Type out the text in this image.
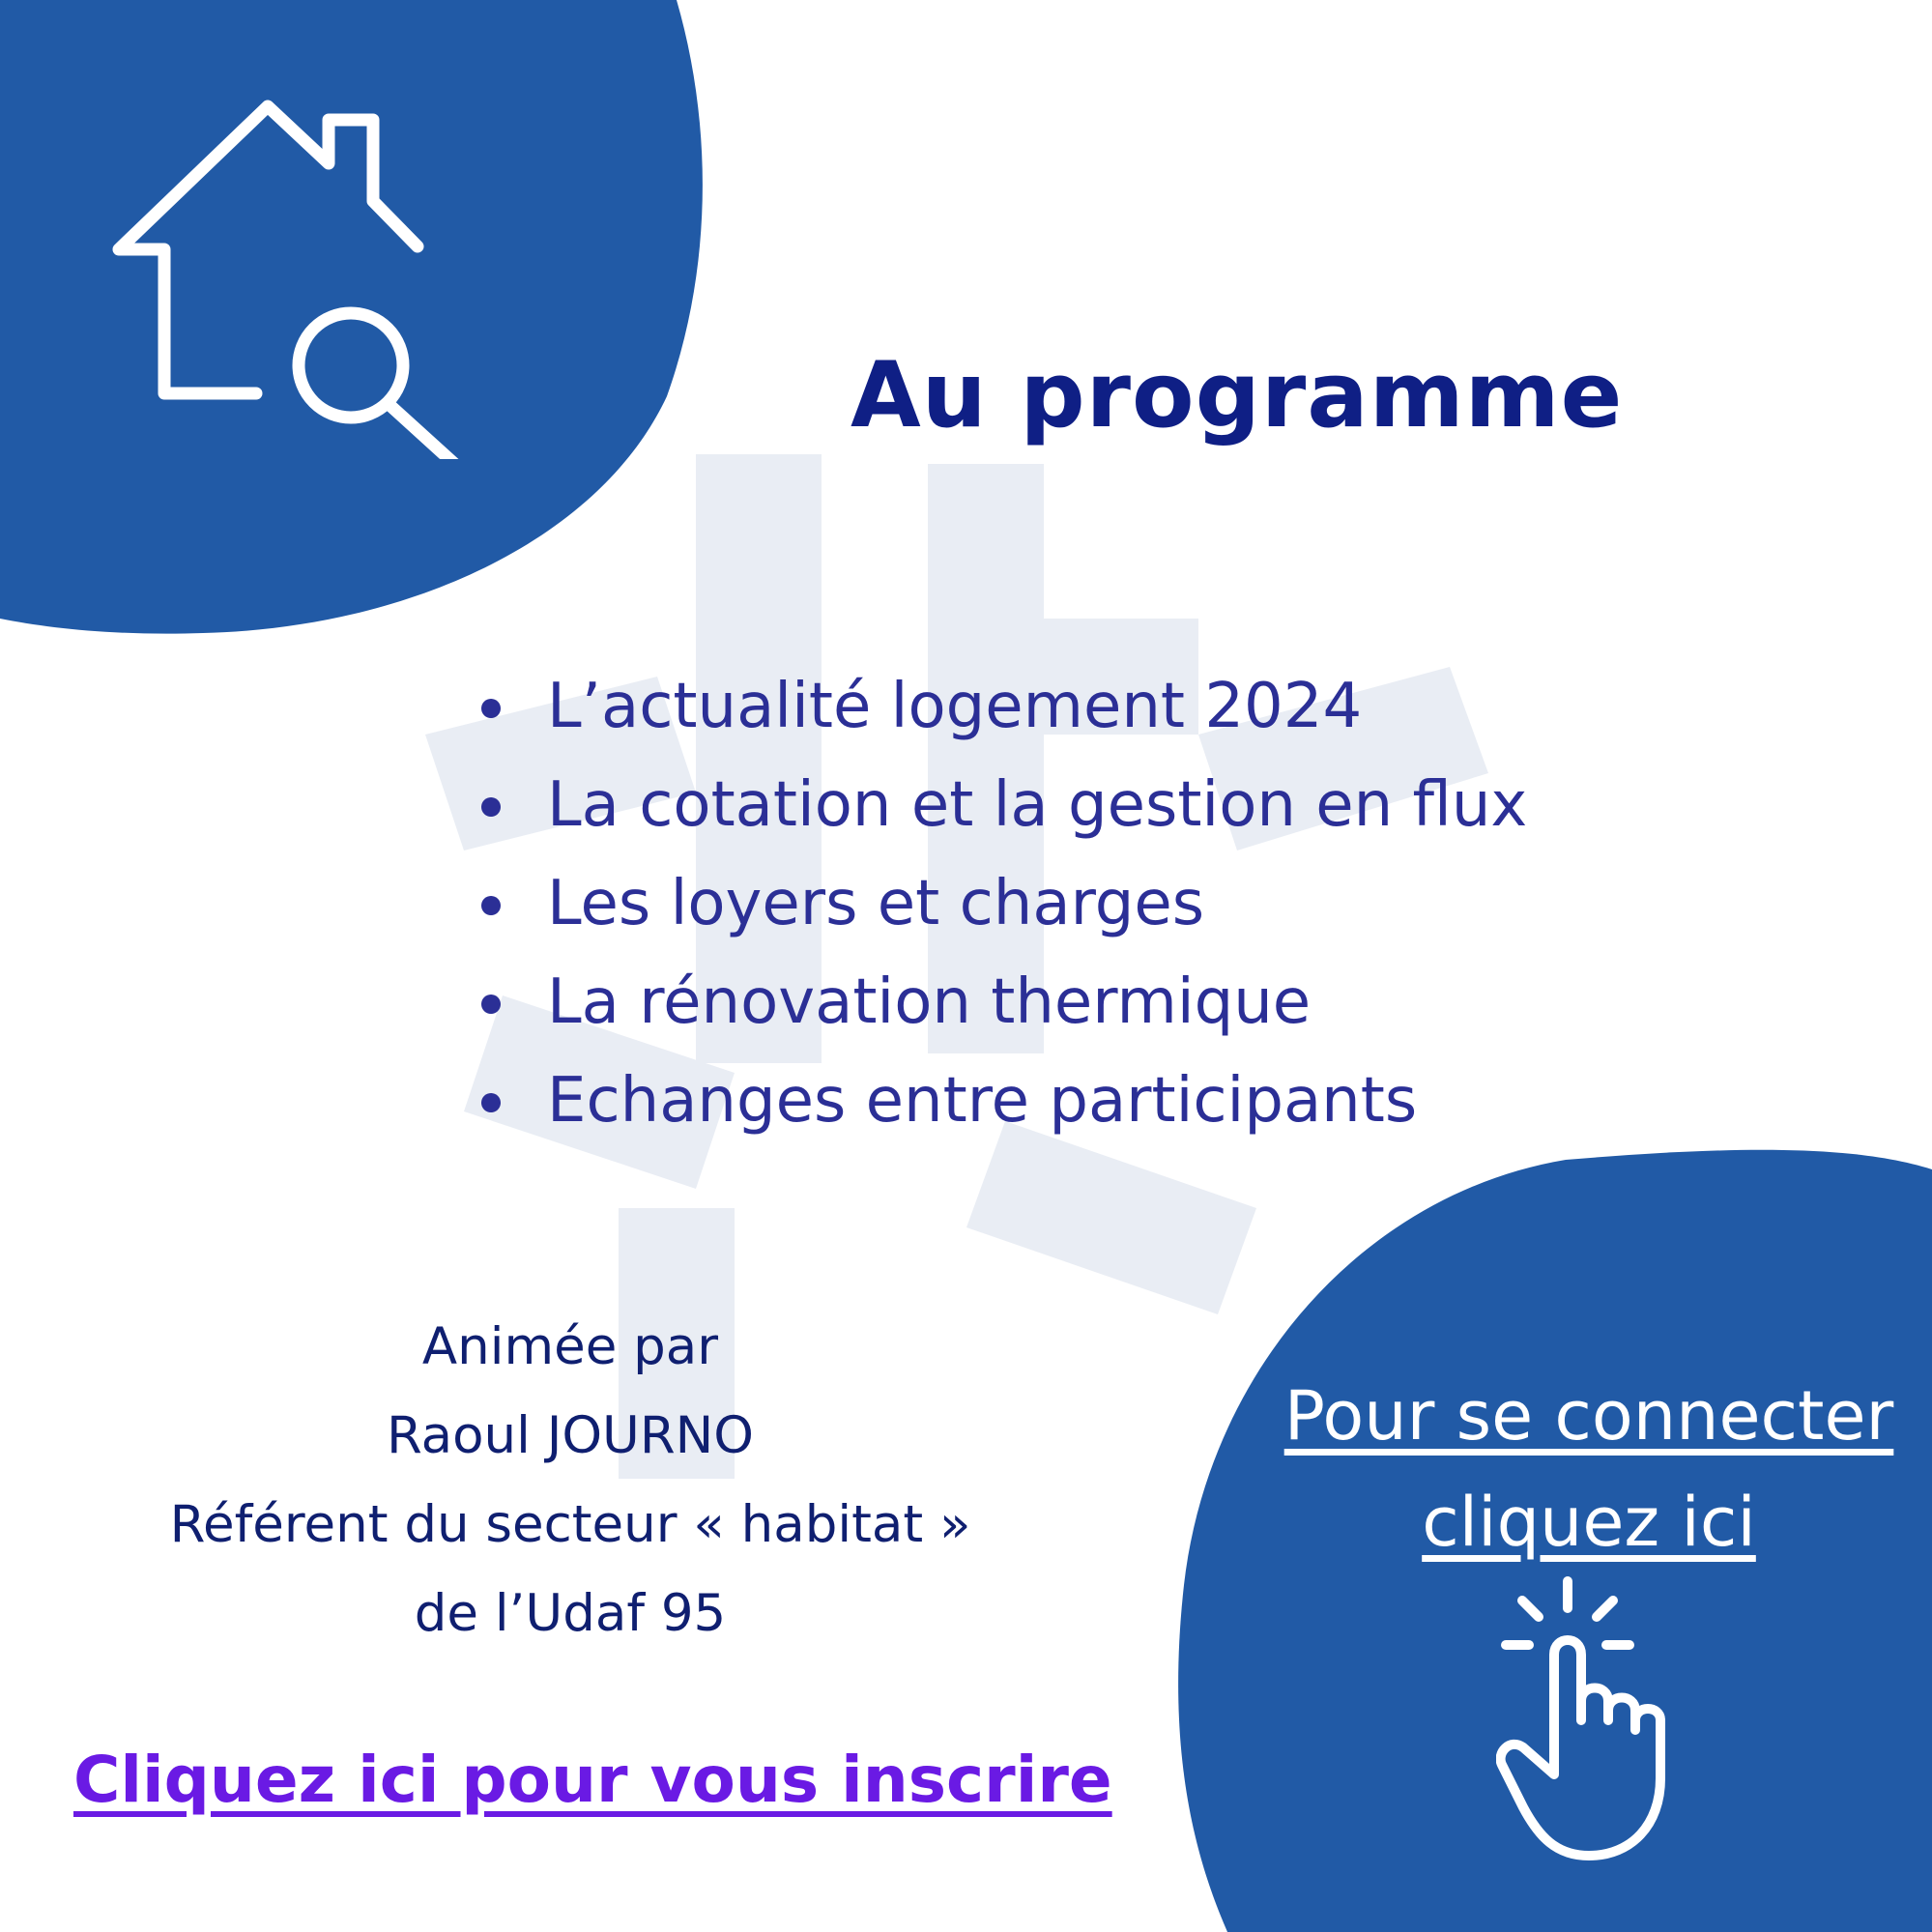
Au programme
L’actualité logement 2024
La cotation et la gestion en flux
Les loyers et charges
La rénovation thermique
Echanges entre participants
Animée par
Raoul JOURNO
Référent du secteur « habitat »
de l’Udaf 95
Cliquez ici pour vous inscrire
Pour se connecter
cliquez ici
